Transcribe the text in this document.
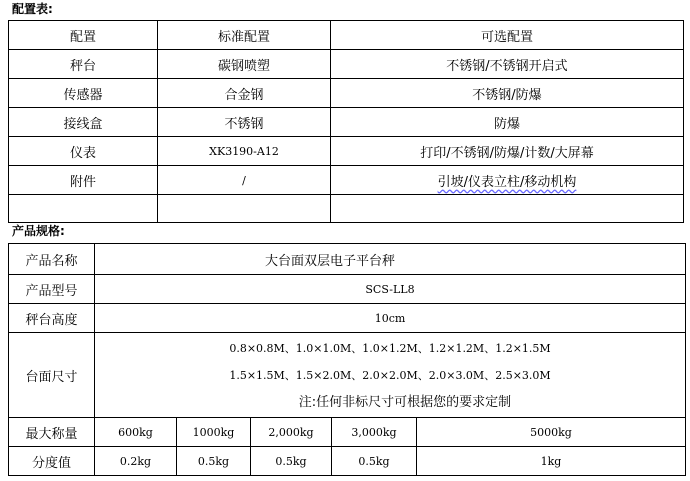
配置表:
配置	标准配置	可选配置
秤台	碳钢喷塑	不锈钢/不锈钢开启式
传感器	合金钢	不锈钢/防爆
接线盒	不锈钢	防爆
仪表	XK3190-A12	打印/不锈钢/防爆/计数/大屏幕
附件	/	引坡/仪表立柱/移动机构

产品规格:
产品名称	大台面双层电子平台秤				
产品型号	SCS-LL8				
秤台高度	10cm				
台面尺寸	0.8×0.8M、1.0×1.0M、1.0×1.2M、1.2×1.2M、1.2×1.5M
1.5×1.5M、1.5×2.0M、2.0×2.0M、2.0×3.0M、2.5×3.0M
注:任何非标尺寸可根据您的要求定制				

最大称量	600kg	1000kg	2,000kg	3,000kg	5000kg
分度值	0.2kg	0.5kg	0.5kg	0.5kg	1kg
